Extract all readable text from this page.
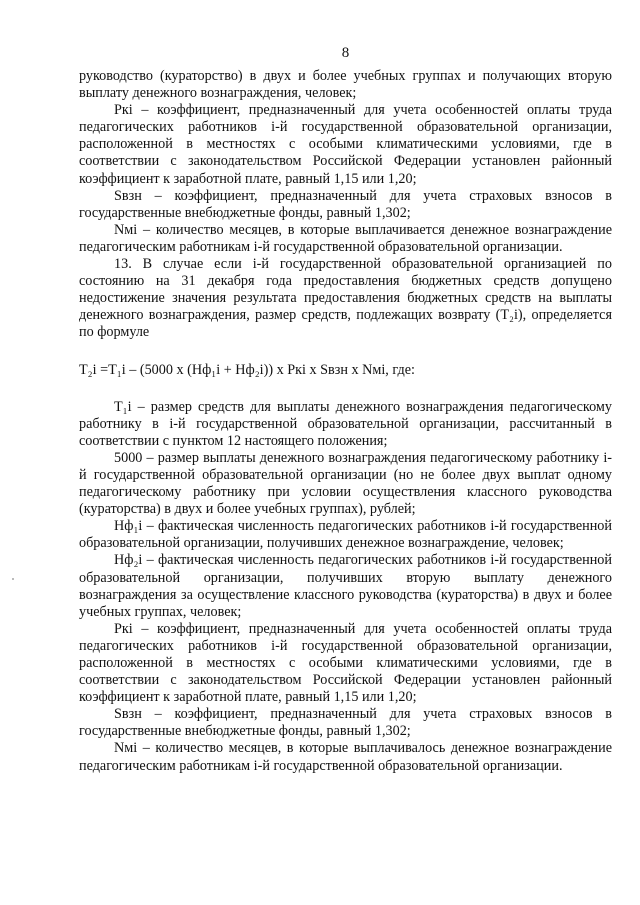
8

руководство (кураторство) в двух и более учебных группах и получающих вторую выплату денежного вознаграждения, человек;

Ркi – коэффициент, предназначенный для учета особенностей оплаты труда педагогических работников i-й государственной образовательной организации, расположенной в местностях с особыми климатическими условиями, где в соответствии с законодательством Российской Федерации установлен районный коэффициент к заработной плате, равный 1,15 или 1,20;

Sвзн – коэффициент, предназначенный для учета страховых взносов в государственные внебюджетные фонды, равный 1,302;

Nмi – количество месяцев, в которые выплачивается денежное вознаграждение педагогическим работникам i-й государственной образовательной организации.

13. В случае если i-й государственной образовательной организацией по состоянию на 31 декабря года предоставления бюджетных средств допущено недостижение значения результата предоставления бюджетных средств на выплаты денежного вознаграждения, размер средств, подлежащих возврату (Т₂i), определяется по формуле

Т₂i =Т₁i – (5000 х (Нф₁i + Нф₂i)) х Ркi х Sвзн х Nмi, где:

Т₁i – размер средств для выплаты денежного вознаграждения педагогическому работнику в i-й государственной образовательной организации, рассчитанный в соответствии с пунктом 12 настоящего положения;

5000 – размер выплаты денежного вознаграждения педагогическому работнику i-й государственной образовательной организации (но не более двух выплат одному педагогическому работнику при условии осуществления классного руководства (кураторства) в двух и более учебных группах), рублей;

Нф₁i – фактическая численность педагогических работников i-й государственной образовательной организации, получивших денежное вознаграждение, человек;

Нф₂i – фактическая численность педагогических работников i-й государственной образовательной организации, получивших вторую выплату денежного вознаграждения за осуществление классного руководства (кураторства) в двух и более учебных группах, человек;

Ркi – коэффициент, предназначенный для учета особенностей оплаты труда педагогических работников i-й государственной образовательной организации, расположенной в местностях с особыми климатическими условиями, где в соответствии с законодательством Российской Федерации установлен районный коэффициент к заработной плате, равный 1,15 или 1,20;

Sвзн – коэффициент, предназначенный для учета страховых взносов в государственные внебюджетные фонды, равный 1,302;

Nмi – количество месяцев, в которые выплачивалось денежное вознаграждение педагогическим работникам i-й государственной образовательной организации.
